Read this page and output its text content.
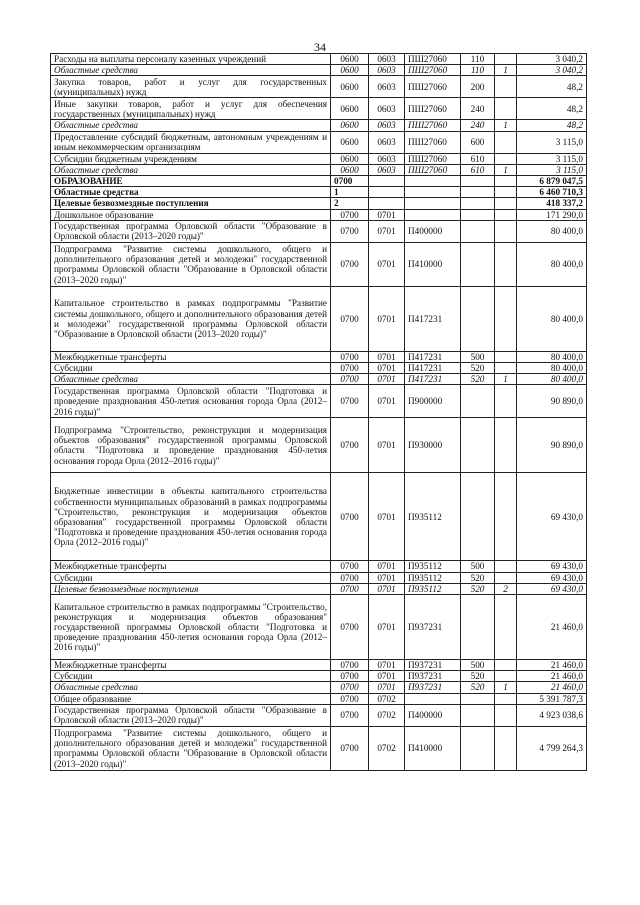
34
Расходы на выплаты персоналу казенных учреждений	0600	0603	ПШ27060	110		3 040,2
Областные средства	0600	0603	ПШ27060	110	1	3 040,2
Закупка товаров, работ и услуг для государственных (муниципальных) нужд	0600	0603	ПШ27060	200		48,2
Иные закупки товаров, работ и услуг для обеспечения государственных (муниципальных) нужд	0600	0603	ПШ27060	240		48,2
Областные средства	0600	0603	ПШ27060	240	1	48,2
Предоставление субсидий бюджетным, автономным учреждениям и иным некоммерческим организациям	0600	0603	ПШ27060	600		3 115,0
Субсидии бюджетным учреждениям	0600	0603	ПШ27060	610		3 115,0
Областные средства	0600	0603	ПШ27060	610	1	3 115,0
ОБРАЗОВАНИЕ	0700					6 879 047,5
Областные средства	1					6 460 710,3
Целевые безвозмездные поступления	2					418 337,2
Дошкольное образование	0700	0701				171 290,0
Государственная программа Орловской области "Образование в Орловской области (2013–2020 годы)"	0700	0701	П400000			80 400,0
Подпрограмма "Развитие системы дошкольного, общего и дополнительного образования детей и молодежи" государственной программы Орловской области "Образование в Орловской области (2013–2020 годы)"	0700	0701	П410000			80 400,0
Капитальное строительство в рамках подпрограммы "Развитие системы дошкольного, общего и дополнительного образования детей и молодежи" государственной программы Орловской области "Образование в Орловской области (2013–2020 годы)"	0700	0701	П417231			80 400,0
Межбюджетные трансферты	0700	0701	П417231	500		80 400,0
Субсидии	0700	0701	П417231	520		80 400,0
Областные средства	0700	0701	П417231	520	1	80 400,0
Государственная программа Орловской области "Подготовка и проведение празднования 450-летия основания города Орла (2012–2016 годы)"	0700	0701	П900000			90 890,0
Подпрограмма "Строительство, реконструкция и модернизация объектов образования" государственной программы Орловской области "Подготовка и проведение празднования 450-летия основания города Орла (2012–2016 годы)"	0700	0701	П930000			90 890,0
Бюджетные инвестиции в объекты капитального строительства собственности муниципальных образований в рамках подпрограммы "Строительство, реконструкция и модернизация объектов образования" государственной программы Орловской области "Подготовка и проведение празднования 450-летия основания города Орла (2012–2016 годы)"	0700	0701	П935112			69 430,0
Межбюджетные трансферты	0700	0701	П935112	500		69 430,0
Субсидии	0700	0701	П935112	520		69 430,0
Целевые безвозмездные поступления	0700	0701	П935112	520	2	69 430,0
Капитальное строительство в рамках подпрограммы "Строительство, реконструкция и модернизация объектов образования" государственной программы Орловской области "Подготовка и проведение празднования 450-летия основания города Орла (2012–2016 годы)"	0700	0701	П937231			21 460,0
Межбюджетные трансферты	0700	0701	П937231	500		21 460,0
Субсидии	0700	0701	П937231	520		21 460,0
Областные средства	0700	0701	П937231	520	1	21 460,0
Общее образование	0700	0702				5 391 787,3
Государственная программа Орловской области "Образование в Орловской области (2013–2020 годы)"	0700	0702	П400000			4 923 038,6
Подпрограмма "Развитие системы дошкольного, общего и дополнительного образования детей и молодежи" государственной программы Орловской области "Образование в Орловской области (2013–2020 годы)"	0700	0702	П410000			4 799 264,3
